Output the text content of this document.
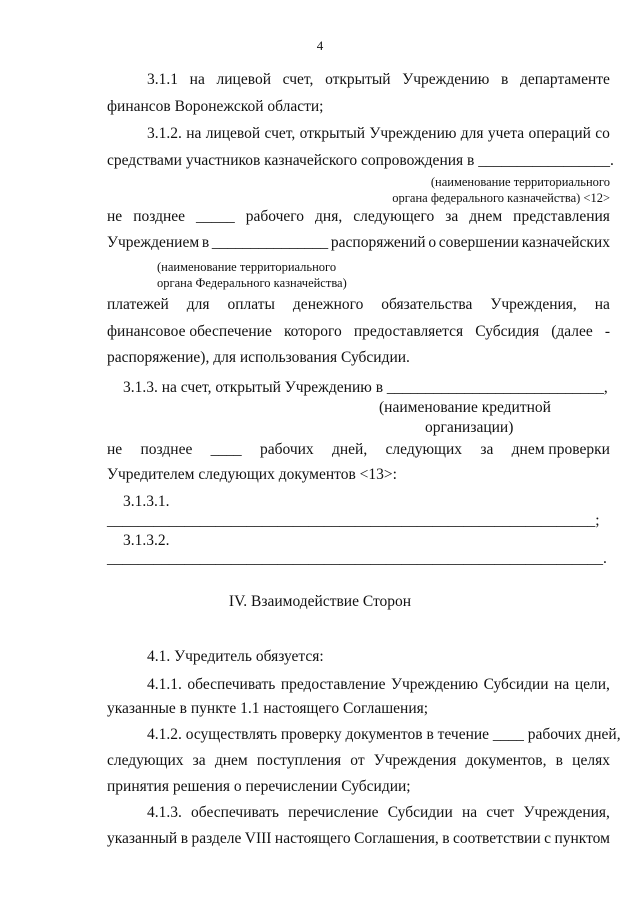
4
3.1.1 на лицевой счет, открытый Учреждению в департаменте
финансов Воронежской области;
3.1.2. на лицевой счет, открытый Учреждению для учета операций со
средствами участников казначейского сопровождения в _________________.
(наименование территориального
органа федерального казначейства) <12>
не позднее _____ рабочего дня, следующего за днем представления
Учреждением в _______________ распоряжений о совершении казначейских
(наименование территориального
органа Федерального казначейства)
платежей для оплаты денежного обязательства Учреждения, на
финансовое обеспечение которого предоставляется Субсидия (далее -
распоряжение), для использования Субсидии.
3.1.3. на счет, открытый Учреждению в ____________________________,
(наименование кредитной
организации)
не позднее ____ рабочих дней, следующих за днем проверки
Учредителем следующих документов <13>:
3.1.3.1.
_______________________________________________________________;
3.1.3.2.
________________________________________________________________.
IV. Взаимодействие Сторон
4.1. Учредитель обязуется:
4.1.1. обеспечивать предоставление Учреждению Субсидии на цели,
указанные в пункте 1.1 настоящего Соглашения;
4.1.2. осуществлять проверку документов в течение ____ рабочих дней,
следующих за днем поступления от Учреждения документов, в целях
принятия решения о перечислении Субсидии;
4.1.3. обеспечивать перечисление Субсидии на счет Учреждения,
указанный в разделе VIII настоящего Соглашения, в соответствии с пунктом
